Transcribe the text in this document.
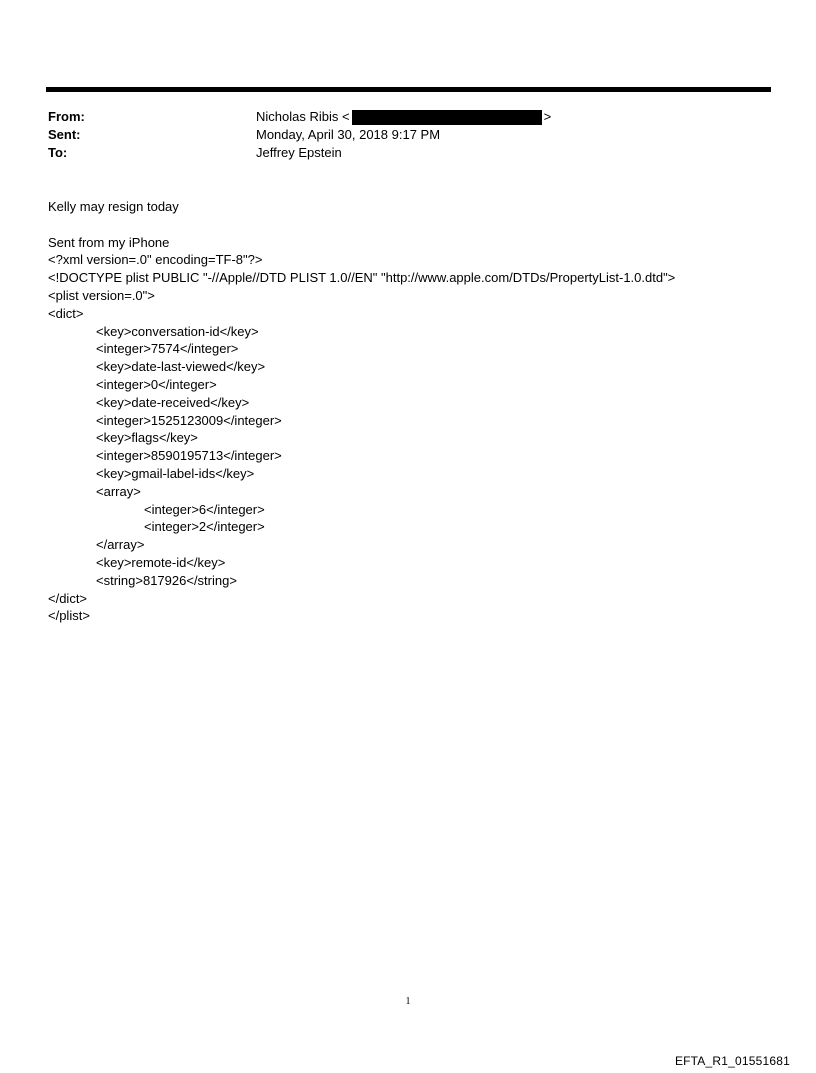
From:	Nicholas Ribis <	>
Sent:	Monday, April 30, 2018 9:17 PM
To:	Jeffrey Epstein
Kelly may resign today
Sent from my iPhone
<?xml version=.0" encoding=TF-8"?>
<!DOCTYPE plist PUBLIC "-//Apple//DTD PLIST 1.0//EN" "http://www.apple.com/DTDs/PropertyList-1.0.dtd">
<plist version=.0">
<dict>
<key>conversation-id</key>
<integer>7574</integer>
<key>date-last-viewed</key>
<integer>0</integer>
<key>date-received</key>
<integer>1525123009</integer>
<key>flags</key>
<integer>8590195713</integer>
<key>gmail-label-ids</key>
<array>
<integer>6</integer>
<integer>2</integer>
</array>
<key>remote-id</key>
<string>817926</string>
</dict>
</plist>
1
EFTA_R1_01551681
